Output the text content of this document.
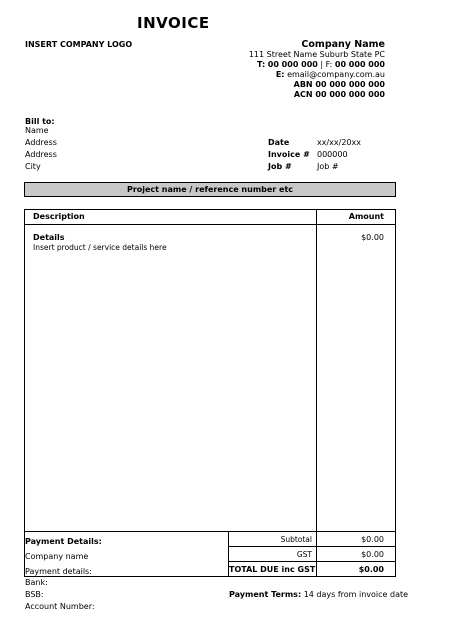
INVOICE
INSERT COMPANY LOGO	Company Name
111 Street Name Suburb State PC
T: 00 000 000 | F: 00 000 000
E: email@company.com.au
ABN 00 000 000 000
ACN 00 000 000 000
Bill to:
Name
Address
Address
City
Date	xx/xx/20xx
Invoice # 000000
Job #	Job #
Project name / reference number etc
Description	Amount
Details
Insert product / service details here
$0.00
Subtotal	$0.00
GST	$0.00
TOTAL DUE inc GST	$0.00
Payment Details:
Company name
Payment details:
Bank:
BSB:
Account Number:
Payment Terms: 14 days from invoice date
